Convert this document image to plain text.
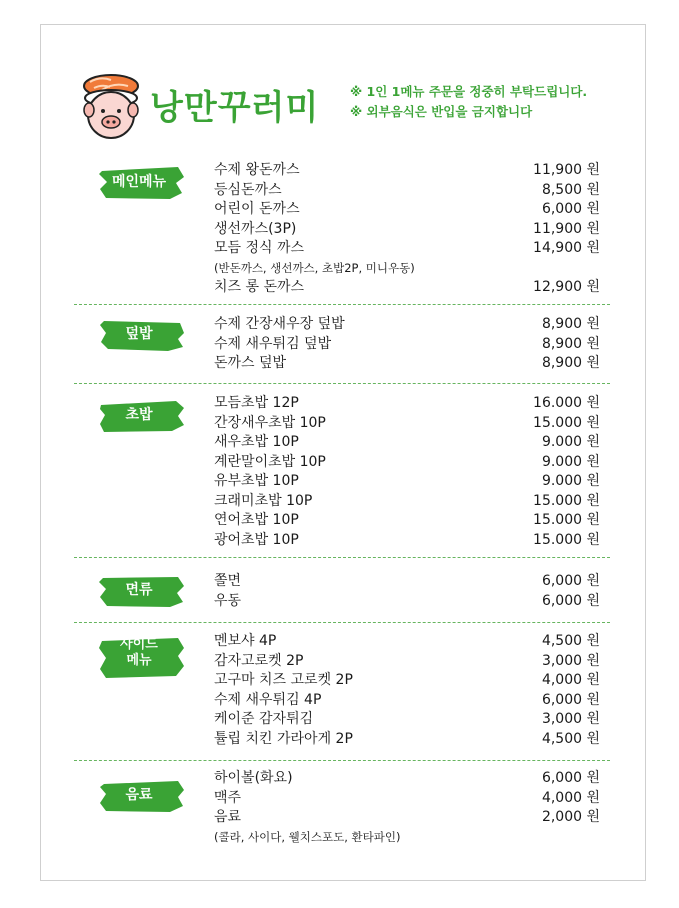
낭만꾸러미 ※ 1인 1메뉴 주문을 정중히 부탁드립니다.
※ 외부음식은 반입을 금지합니다
메인메뉴
수제 왕돈까스	11,900 원
등심돈까스	8,500 원
어린이 돈까스	6,000 원
생선까스(3P)	11,900 원
모듬 정식 까스	14,900 원
(반돈까스, 생선까스, 초밥2P, 미니우동)
치즈 롱 돈까스	12,900 원
덮밥
수제 간장새우장 덮밥	8,900 원
수제 새우튀김 덮밥	8,900 원
돈까스 덮밥	8,900 원
초밥
모듬초밥 12P	16.000 원
간장새우초밥 10P	15.000 원
새우초밥 10P	9.000 원
계란말이초밥 10P	9.000 원
유부초밥 10P	9.000 원
크래미초밥 10P	15.000 원
연어초밥 10P	15.000 원
광어초밥 10P	15.000 원
면류
쫄면	6,000 원
우동	6,000 원
사이드
메뉴
멘보샤 4P	4,500 원
감자고로켓 2P	3,000 원
고구마 치즈 고로켓 2P	4,000 원
수제 새우튀김 4P	6,000 원
케이준 감자튀김	3,000 원
튤립 치킨 가라아게 2P	4,500 원
음료
하이볼(화요)	6,000 원
맥주	4,000 원
음료	2,000 원
(콜라, 사이다, 웰치스포도, 환타파인)
